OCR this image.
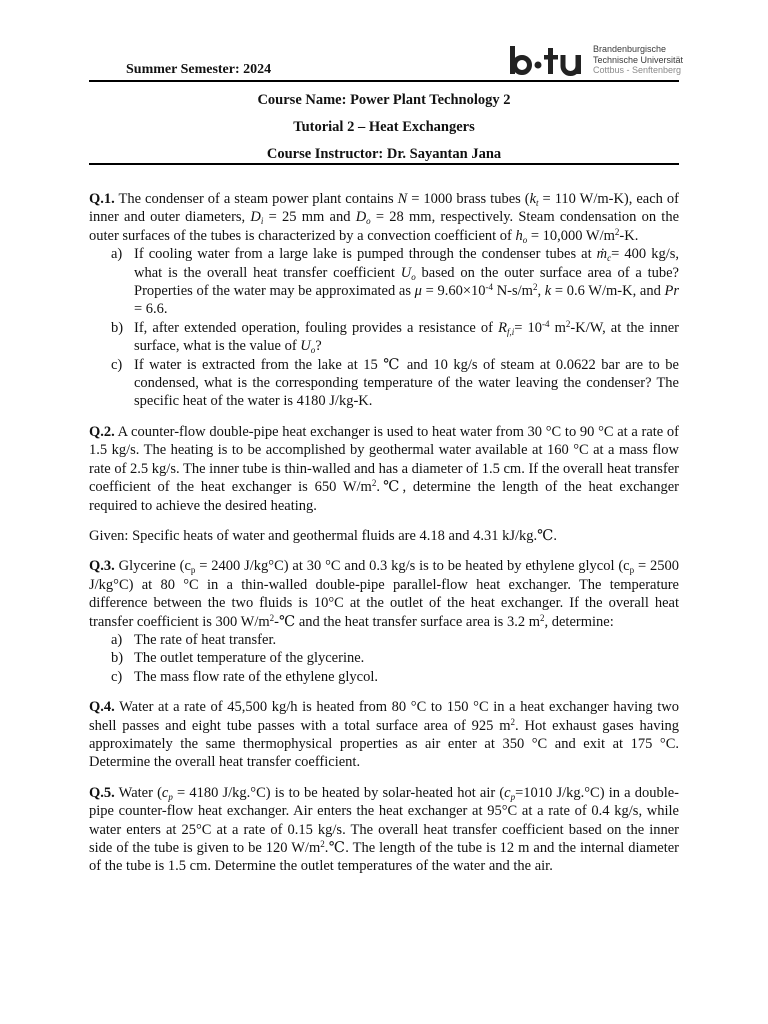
Summer Semester: 2024
Brandenburgische
Technische Universität
Cottbus - Senftenberg
Course Name: Power Plant Technology 2
Tutorial 2 – Heat Exchangers
Course Instructor: Dr. Sayantan Jana

Q.1. The condenser of a steam power plant contains N = 1000 brass tubes ($k_t = 110$ W/m-K), each of inner and outer diameters, $D_i = 25$ mm and $D_o = 28$ mm, respectively. Steam condensation on the outer surfaces of the tubes is characterized by a convection coefficient of $h_o = 10,000$ $W/m^2-K$.

a) If cooling water from a large lake is pumped through the condenser tubes at ṁ$_c$= 400 kg/s, what is the overall heat transfer coefficient $U_o$ based on the outer surface area of a tube? Properties of the water may be approximated as $\mu = 9.60\times 10^{-4}$ $N-s/m^2$, k = 0.6 W/m-K, and Pr = 6.6.
b) If, after extended operation, fouling provides a resistance of $R_{f,i}= 10^{-4}$ $m^2-K/W$, at the inner surface, what is the value of $U_o$?
c) If water is extracted from the lake at 15 ℃ and 10 kg/s of steam at 0.0622 bar are to be condensed, what is the corresponding temperature of the water leaving the condenser? The specific heat of the water is 4180 J/kg-K.

Q.2. A counter-flow double-pipe heat exchanger is used to heat water from 30 °C to 90 °C at a rate of 1.5 kg/s. The heating is to be accomplished by geothermal water available at 160 °C at a mass flow rate of 2.5 kg/s. The inner tube is thin-walled and has a diameter of 1.5 cm. If the overall heat transfer coefficient of the heat exchanger is 650 $W/m^2.℃$, determine the length of the heat exchanger required to achieve the desired heating.

Given: Specific heats of water and geothermal fluids are 4.18 and 4.31 kJ/kg.℃.

Q.3. Glycerine ($c_p = 2400$ J/kg°C) at 30 °C and 0.3 kg/s is to be heated by ethylene glycol ($c_p = 2500$ J/kg°C) at 80 °C in a thin-walled double-pipe parallel-flow heat exchanger. The temperature difference between the two fluids is 10°C at the outlet of the heat exchanger. If the overall heat transfer coefficient is 300 $W/m^2-℃$ and the heat transfer surface area is 3.2 $m^2$, determine:

a) The rate of heat transfer.
b) The outlet temperature of the glycerine.
c) The mass flow rate of the ethylene glycol.

Q.4. Water at a rate of 45,500 kg/h is heated from 80 °C to 150 °C in a heat exchanger having two shell passes and eight tube passes with a total surface area of 925 $m^2$. Hot exhaust gases having approximately the same thermophysical properties as air enter at 350 °C and exit at 175 °C. Determine the overall heat transfer coefficient.

Q.5. Water ($c_p = 4180$ J/kg.°C) is to be heated by solar-heated hot air ($c_p=1010$ J/kg.°C) in a double-pipe counter-flow heat exchanger. Air enters the heat exchanger at 95°C at a rate of 0.4 kg/s, while water enters at 25°C at a rate of 0.15 kg/s. The overall heat transfer coefficient based on the inner side of the tube is given to be 120 $W/m^2.℃$. The length of the tube is 12 m and the internal diameter of the tube is 1.5 cm. Determine the outlet temperatures of the water and the air.
